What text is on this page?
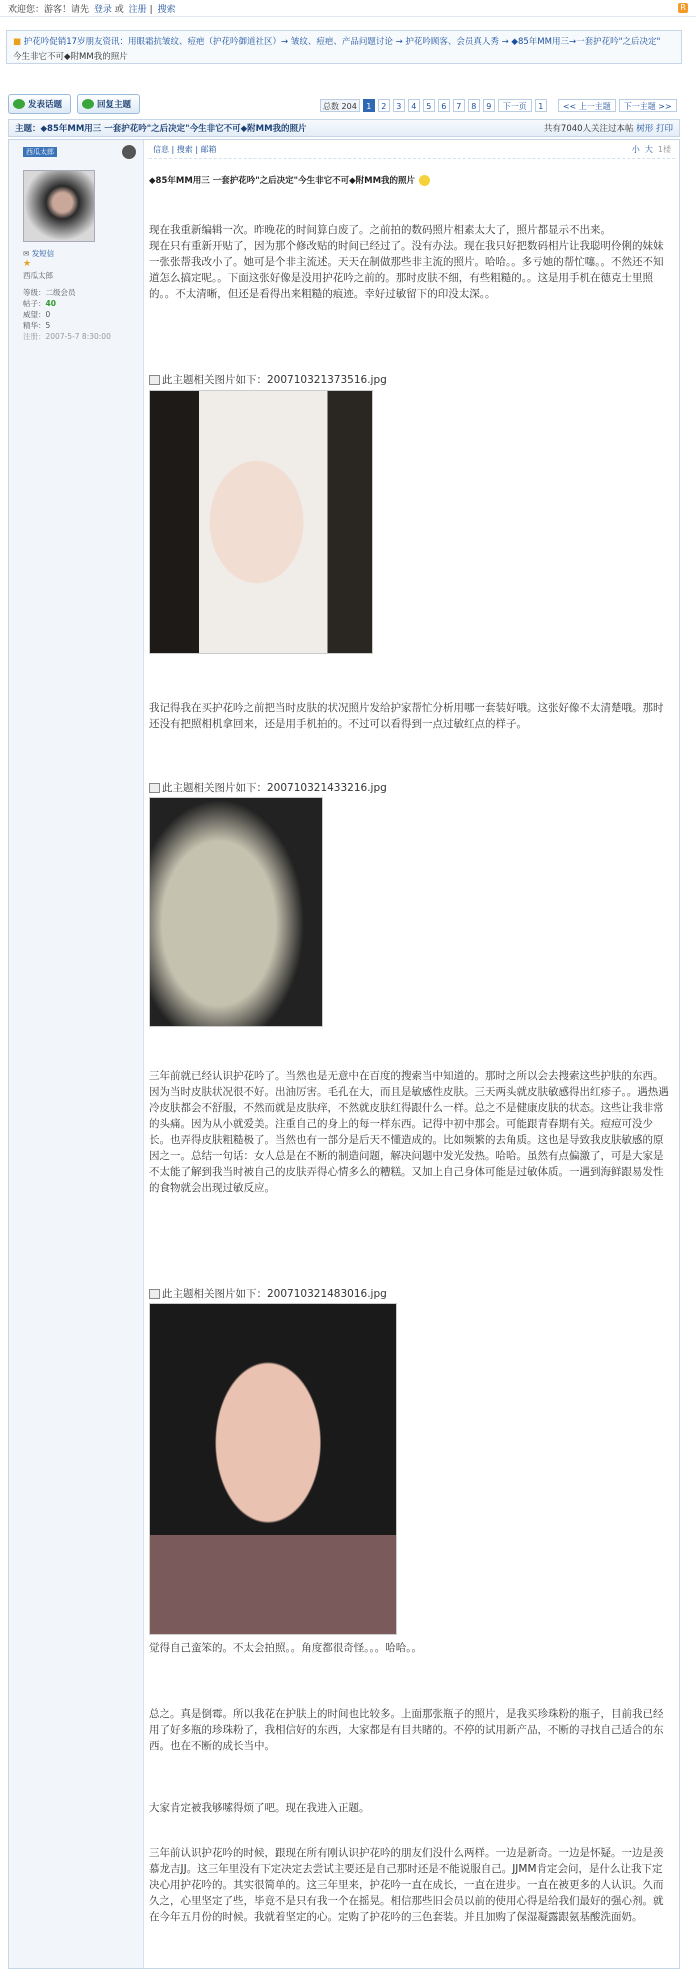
欢迎您：游客！请先 登录 或 注册 | 搜索	R
■ 护花吟促销17岁朋友资讯：用眼霜抗皱纹、痘疤（护花吟御道社区）→ 皱纹、痘疤、产品问题讨论 → 护花吟顾客、会员真人秀 → ◆85年MM用三→一套护花吟"之后决定"
今生非它不可◆附MM我的照片
发表话题	回复主题	总数 204	1	2	3	4	5	6	7	8	9	下一页	1	<< 上一主题	下一主题 >>
主题：◆85年MM用三 一套护花吟"之后决定"今生非它不可◆附MM我的照片	共有7040人关注过本帖 树形 打印
西瓜太郎
✉ 发短信
★
西瓜太郎
等级：二级会员
帖子：40
威望：0
精华：5
注册：2007-5-7 8:30:00
信息 | 搜索 | 邮箱	小 大 1楼
◆85年MM用三 一套护花吟"之后决定"今生非它不可◆附MM我的照片
现在我重新编辑一次。昨晚花的时间算白废了。之前拍的数码照片相素太大了，照片都显示不出来。
现在只有重新开贴了，因为那个修改贴的时间已经过了。没有办法。现在我只好把数码相片让我聪明伶俐的妹妹一张张帮我改小了。她可是个非主流述。天天在制做那些非主流的照片。哈哈。。多亏她的帮忙噻。。不然还不知道怎么搞定呢。。下面这张好像是没用护花吟之前的。那时皮肤不细，有些粗糙的。。这是用手机在德克士里照的。。不太清晰，但还是看得出来粗糙的痕迹。幸好过敏留下的印没太深。。
此主题相关图片如下：200710321373516.jpg
我记得我在买护花吟之前把当时皮肤的状况照片发给护家帮忙分析用哪一套装好哦。这张好像不太清楚哦。那时还没有把照相机拿回来，还是用手机拍的。不过可以看得到一点过敏红点的样子。
此主题相关图片如下：200710321433216.jpg
三年前就已经认识护花吟了。当然也是无意中在百度的搜索当中知道的。那时之所以会去搜索这些护肤的东西。因为当时皮肤状况很不好。出油厉害。毛孔在大，而且是敏感性皮肤。三天两头就皮肤敏感得出红疹子。。遇热遇冷皮肤都会不舒服，不然而就是皮肤痒，不然就皮肤红得跟什么一样。总之不是健康皮肤的状态。这些让我非常的头痛。因为从小就爱美。注重自己的身上的每一样东西。记得中初中那会。可能跟青春期有关。痘痘可没少长。也弄得皮肤粗糙极了。当然也有一部分是后天不懂造成的。比如频繁的去角质。这也是导致我皮肤敏感的原因之一。总结一句话：女人总是在不断的制造问题，解决问题中发光发热。哈哈。虽然有点偏激了，可是大家是不太能了解到我当时被自己的皮肤弄得心情多么的糟糕。又加上自己身体可能是过敏体质。一遇到海鲜跟易发性的食物就会出现过敏反应。
此主题相关图片如下：200710321483016.jpg
觉得自己蛮笨的。不太会拍照。。角度都很奇怪。。。哈哈。。
总之。真是倒霉。所以我花在护肤上的时间也比较多。上面那张瓶子的照片，是我买珍珠粉的瓶子，目前我已经用了好多瓶的珍珠粉了，我相信好的东西，大家都是有目共睹的。不停的试用新产品，不断的寻找自己适合的东西。也在不断的成长当中。
大家肯定被我够嗦得烦了吧。现在我进入正题。
三年前认识护花吟的时候，跟现在所有刚认识护花吟的朋友们没什么两样。一边是新奇。一边是怀疑。一边是羡慕龙吉JJ。这三年里没有下定决定去尝试主要还是自己那时还是不能说服自己。JJMM肯定会问，是什么让我下定决心用护花吟的。其实很简单的。这三年里来，护花吟一直在成长，一直在进步。一直在被更多的人认识。久而久之，心里坚定了些，毕竟不是只有我一个在摇晃。相信那些旧会员以前的使用心得是给我们最好的强心剂。就在今年五月份的时候。我就着坚定的心。定购了护花吟的三色套装。并且加购了保湿凝露跟氨基酸洗面奶。
